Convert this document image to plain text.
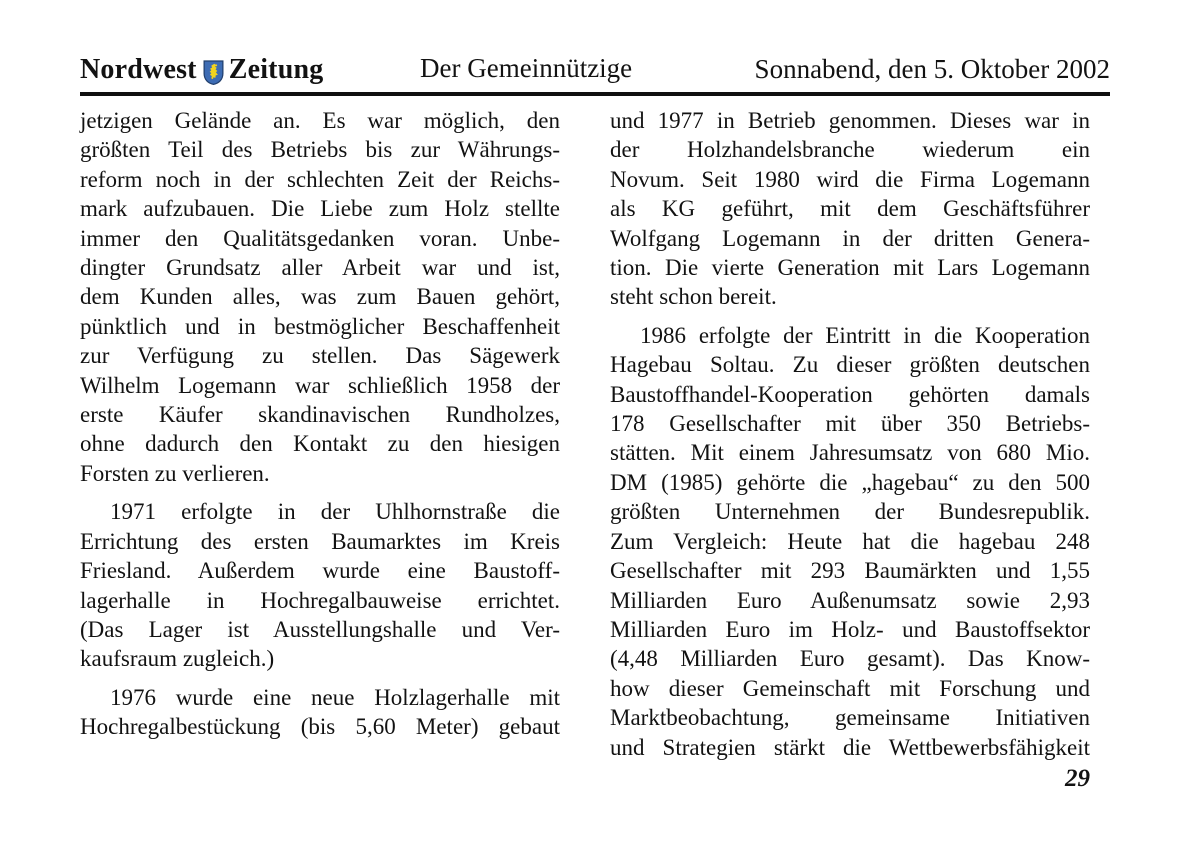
Nordwest Zeitung	Der Gemeinnützige	Sonnabend, den 5. Oktober 2002
jetzigen Gelände an. Es war möglich, den
größten Teil des Betriebs bis zur Währungs-
reform noch in der schlechten Zeit der Reichs-
mark aufzubauen. Die Liebe zum Holz stellte
immer den Qualitätsgedanken voran. Unbe-
dingter Grundsatz aller Arbeit war und ist,
dem Kunden alles, was zum Bauen gehört,
pünktlich und in bestmöglicher Beschaffenheit
zur Verfügung zu stellen. Das Sägewerk
Wilhelm Logemann war schließlich 1958 der
erste Käufer skandinavischen Rundholzes,
ohne dadurch den Kontakt zu den hiesigen
Forsten zu verlieren.
1971 erfolgte in der Uhlhornstraße die
Errichtung des ersten Baumarktes im Kreis
Friesland. Außerdem wurde eine Baustoff-
lagerhalle in Hochregalbauweise errichtet.
(Das Lager ist Ausstellungshalle und Ver-
kaufsraum zugleich.)
1976 wurde eine neue Holzlagerhalle mit
Hochregalbestückung (bis 5,60 Meter) gebaut
und 1977 in Betrieb genommen. Dieses war in
der Holzhandelsbranche wiederum ein
Novum. Seit 1980 wird die Firma Logemann
als KG geführt, mit dem Geschäftsführer
Wolfgang Logemann in der dritten Genera-
tion. Die vierte Generation mit Lars Logemann
steht schon bereit.
1986 erfolgte der Eintritt in die Kooperation
Hagebau Soltau. Zu dieser größten deutschen
Baustoffhandel-Kooperation gehörten damals
178 Gesellschafter mit über 350 Betriebs-
stätten. Mit einem Jahresumsatz von 680 Mio.
DM (1985) gehörte die „hagebau“ zu den 500
größten Unternehmen der Bundesrepublik.
Zum Vergleich: Heute hat die hagebau 248
Gesellschafter mit 293 Baumärkten und 1,55
Milliarden Euro Außenumsatz sowie 2,93
Milliarden Euro im Holz- und Baustoffsektor
(4,48 Milliarden Euro gesamt). Das Know-
how dieser Gemeinschaft mit Forschung und
Marktbeobachtung, gemeinsame Initiativen
und Strategien stärkt die Wettbewerbsfähigkeit
29
